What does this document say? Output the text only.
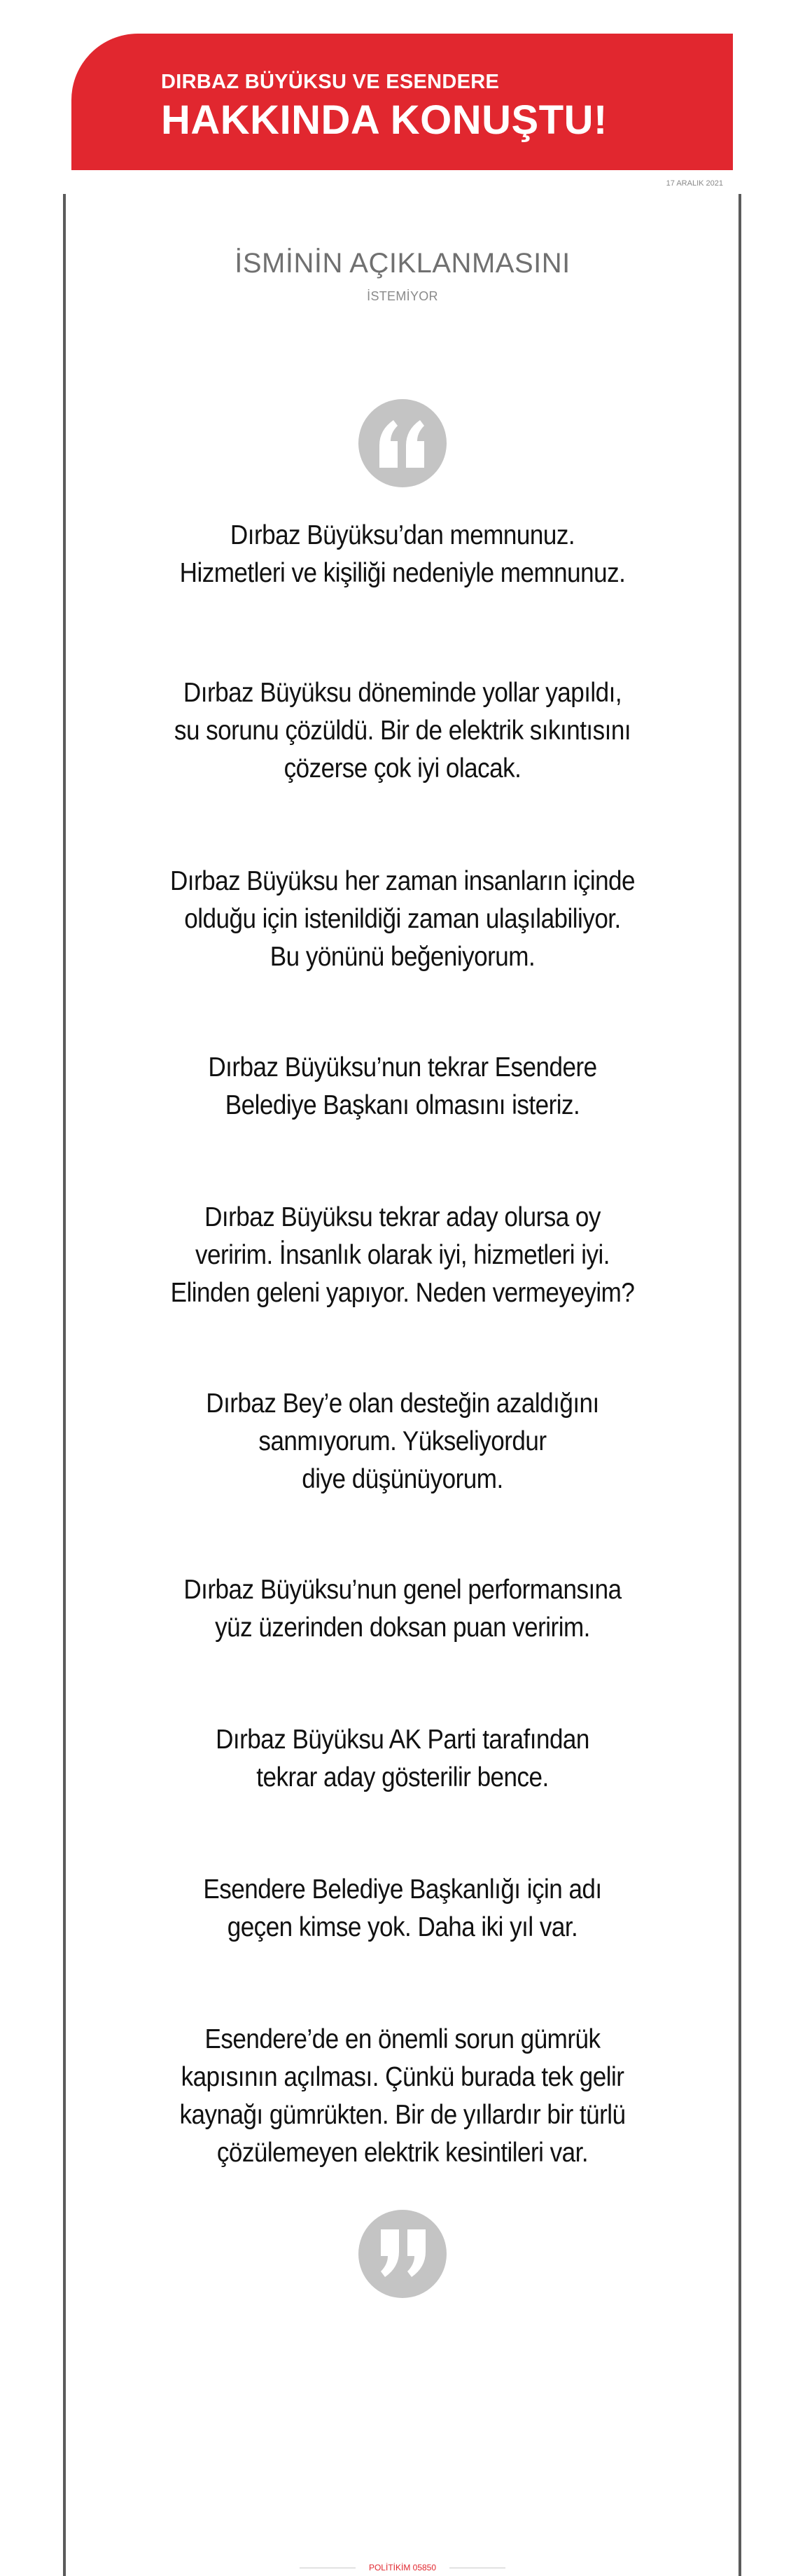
DIRBAZ BÜYÜKSU VE ESENDERE
HAKKINDA KONUŞTU!
17 ARALIK 2021
İSMİNİN AÇIKLANMASINI
İSTEMİYOR
Dırbaz Büyüksu’dan memnunuz.
Hizmetleri ve kişiliği nedeniyle memnunuz.
Dırbaz Büyüksu döneminde yollar yapıldı,
su sorunu çözüldü. Bir de elektrik sıkıntısını
çözerse çok iyi olacak.
Dırbaz Büyüksu her zaman insanların içinde
olduğu için istenildiği zaman ulaşılabiliyor.
Bu yönünü beğeniyorum.
Dırbaz Büyüksu’nun tekrar Esendere
Belediye Başkanı olmasını isteriz.
Dırbaz Büyüksu tekrar aday olursa oy
veririm. İnsanlık olarak iyi, hizmetleri iyi.
Elinden geleni yapıyor. Neden vermeyeyim?
Dırbaz Bey’e olan desteğin azaldığını
sanmıyorum. Yükseliyordur
diye düşünüyorum.
Dırbaz Büyüksu’nun genel performansına
yüz üzerinden doksan puan veririm.
Dırbaz Büyüksu AK Parti tarafından
tekrar aday gösterilir bence.
Esendere Belediye Başkanlığı için adı
geçen kimse yok. Daha iki yıl var.
Esendere’de en önemli sorun gümrük
kapısının açılması. Çünkü burada tek gelir
kaynağı gümrükten. Bir de yıllardır bir türlü
çözülemeyen elektrik kesintileri var.
POLİTİKİM 05850
